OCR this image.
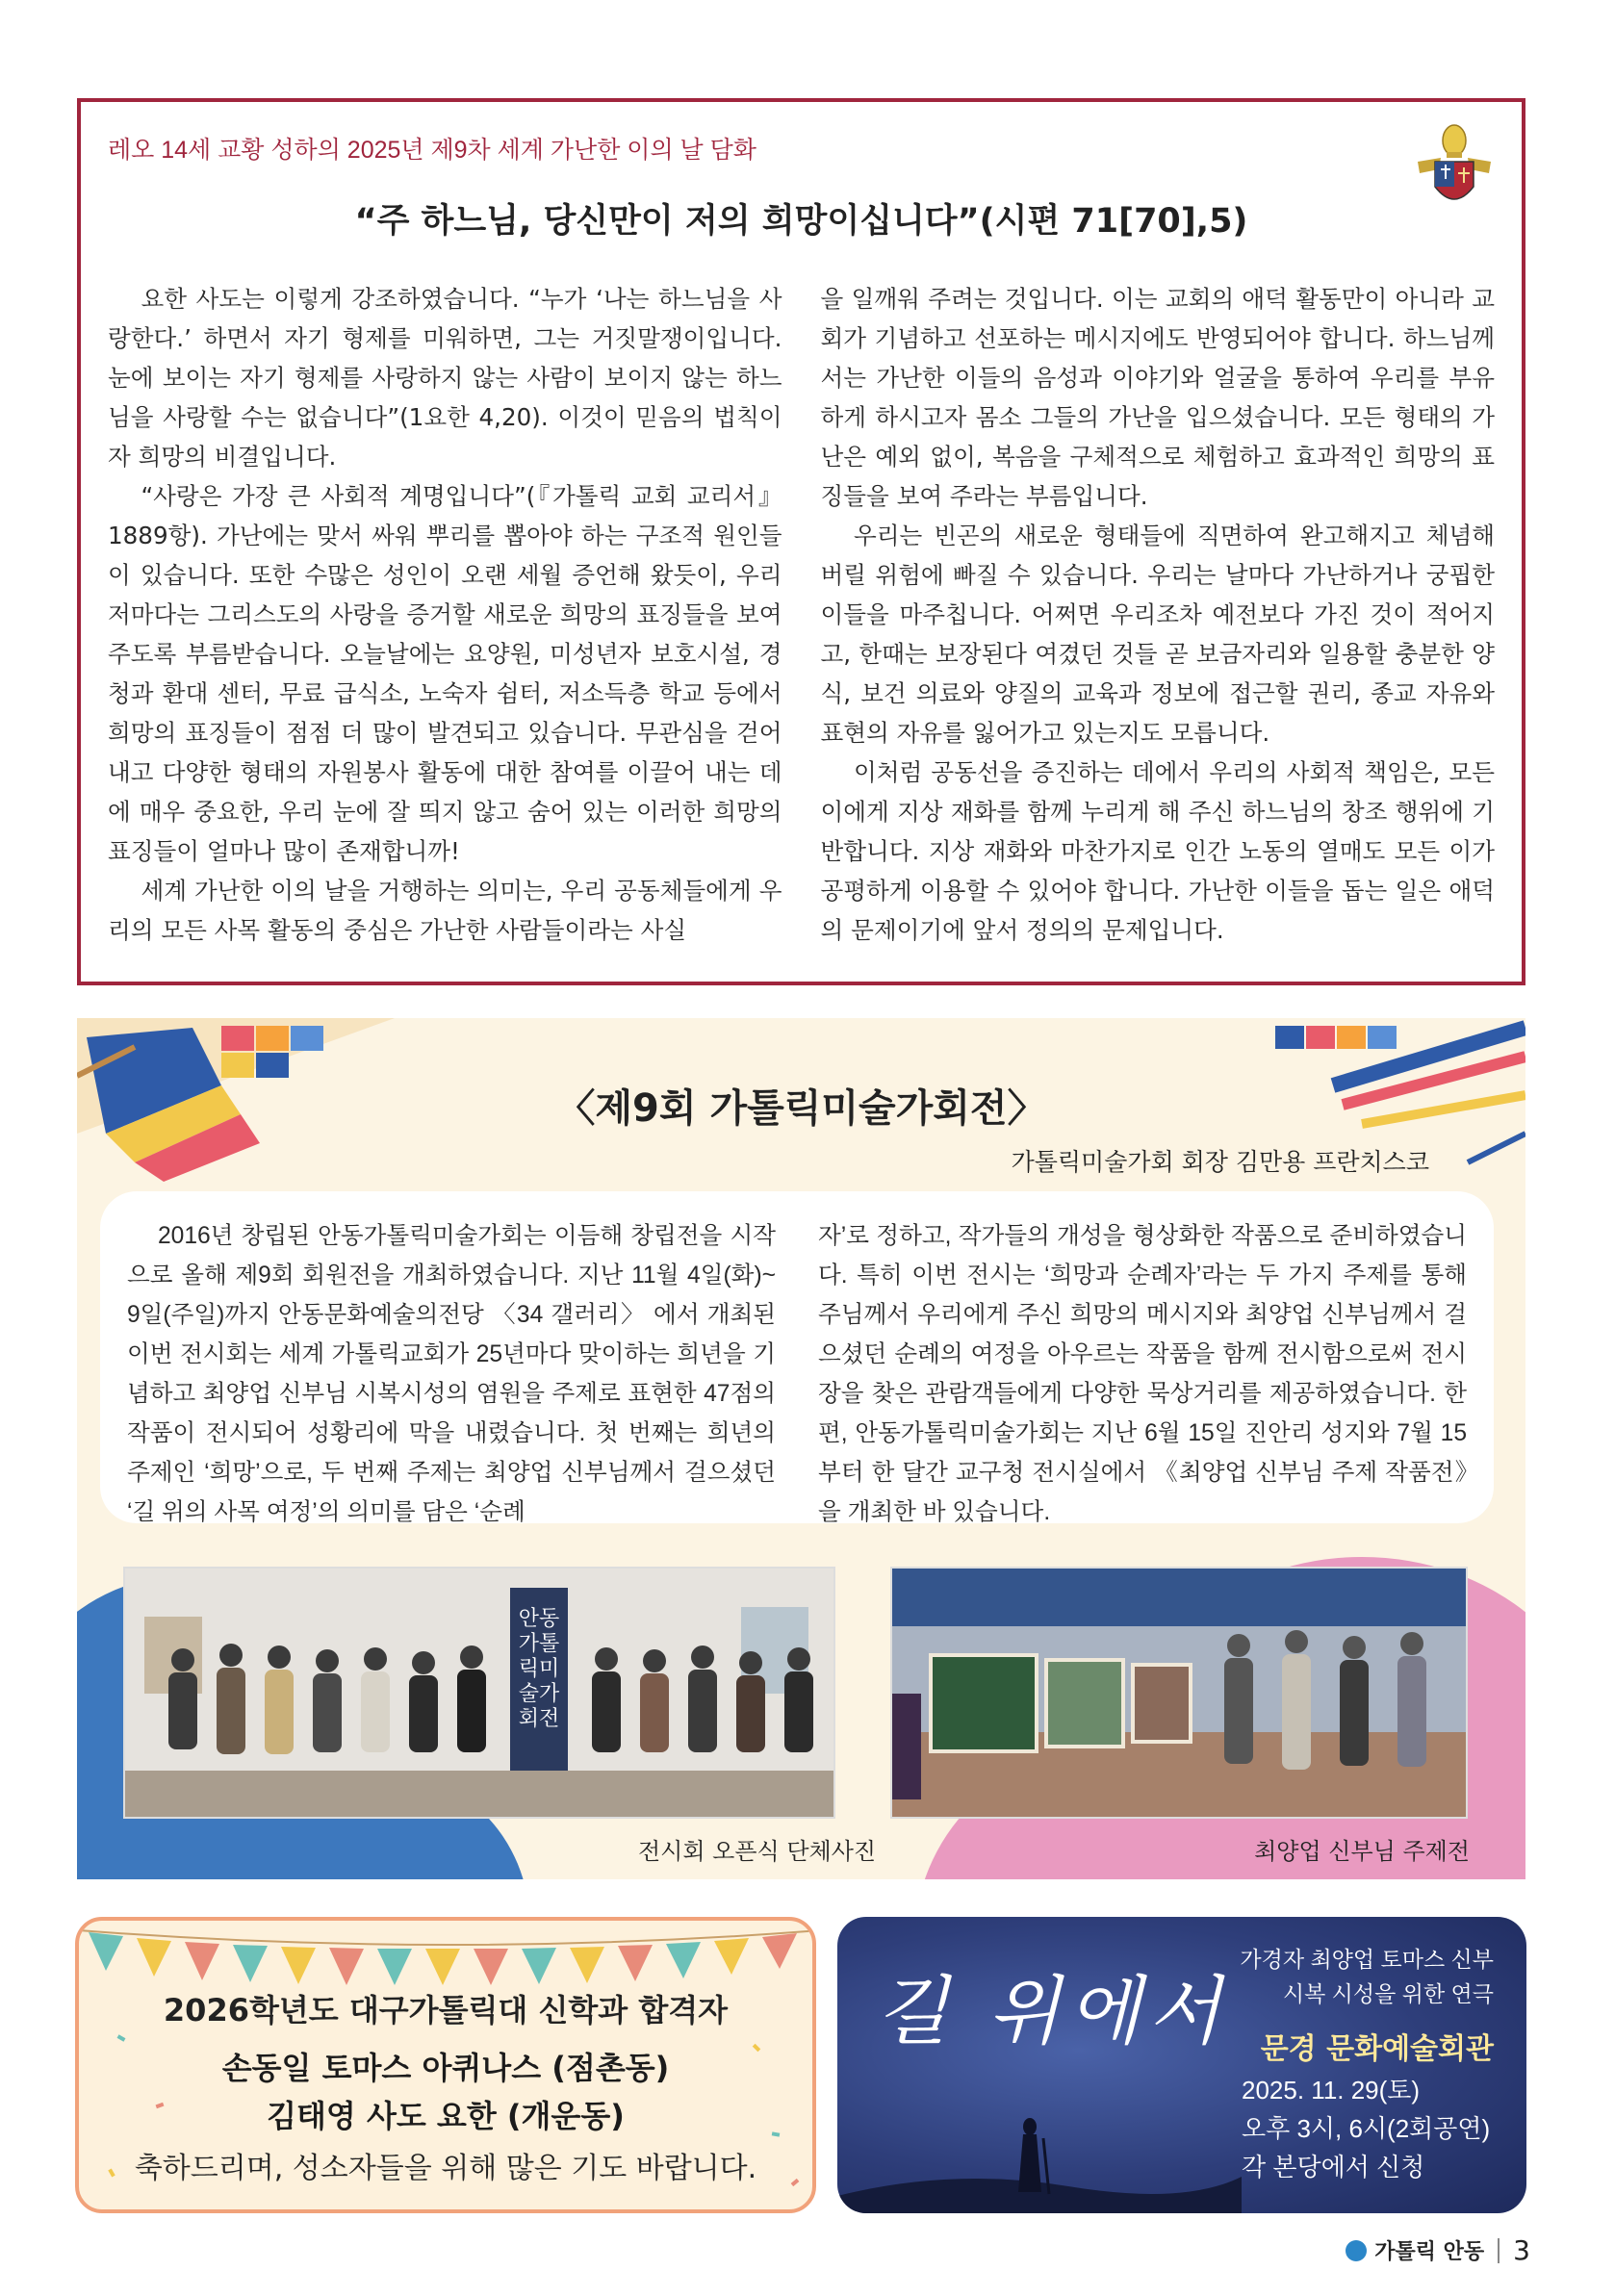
레오 14세 교황 성하의 2025년 제9차 세계 가난한 이의 날 담화
“주 하느님, 당신만이 저의 희망이십니다”(시편 71[70],5)

요한 사도는 이렇게 강조하였습니다. “누가 ‘나는 하느님을 사랑한다.’ 하면서 자기 형제를 미워하면, 그는 거짓말쟁이입니다. 눈에 보이는 자기 형제를 사랑하지 않는 사람이 보이지 않는 하느님을 사랑할 수는 없습니다”(1요한 4,20). 이것이 믿음의 법칙이자 희망의 비결입니다.

“사랑은 가장 큰 사회적 계명입니다”(『가톨릭 교회 교리서』 1889항). 가난에는 맞서 싸워 뿌리를 뽑아야 하는 구조적 원인들이 있습니다. 또한 수많은 성인이 오랜 세월 증언해 왔듯이, 우리 저마다는 그리스도의 사랑을 증거할 새로운 희망의 표징들을 보여 주도록 부름받습니다. 오늘날에는 요양원, 미성년자 보호시설, 경청과 환대 센터, 무료 급식소, 노숙자 쉼터, 저소득층 학교 등에서 희망의 표징들이 점점 더 많이 발견되고 있습니다. 무관심을 걷어내고 다양한 형태의 자원봉사 활동에 대한 참여를 이끌어 내는 데에 매우 중요한, 우리 눈에 잘 띄지 않고 숨어 있는 이러한 희망의 표징들이 얼마나 많이 존재합니까!

세계 가난한 이의 날을 거행하는 의미는, 우리 공동체들에게 우리의 모든 사목 활동의 중심은 가난한 사람들이라는 사실

을 일깨워 주려는 것입니다. 이는 교회의 애덕 활동만이 아니라 교회가 기념하고 선포하는 메시지에도 반영되어야 합니다. 하느님께서는 가난한 이들의 음성과 이야기와 얼굴을 통하여 우리를 부유하게 하시고자 몸소 그들의 가난을 입으셨습니다. 모든 형태의 가난은 예외 없이, 복음을 구체적으로 체험하고 효과적인 희망의 표징들을 보여 주라는 부름입니다.

우리는 빈곤의 새로운 형태들에 직면하여 완고해지고 체념해 버릴 위험에 빠질 수 있습니다. 우리는 날마다 가난하거나 궁핍한 이들을 마주칩니다. 어쩌면 우리조차 예전보다 가진 것이 적어지고, 한때는 보장된다 여겼던 것들 곧 보금자리와 일용할 충분한 양식, 보건 의료와 양질의 교육과 정보에 접근할 권리, 종교 자유와 표현의 자유를 잃어가고 있는지도 모릅니다.

이처럼 공동선을 증진하는 데에서 우리의 사회적 책임은, 모든 이에게 지상 재화를 함께 누리게 해 주신 하느님의 창조 행위에 기반합니다. 지상 재화와 마찬가지로 인간 노동의 열매도 모든 이가 공평하게 이용할 수 있어야 합니다. 가난한 이들을 돕는 일은 애덕의 문제이기에 앞서 정의의 문제입니다.

〈제9회 가톨릭미술가회전〉
가톨릭미술가회 회장 김만용 프란치스코

2016년 창립된 안동가톨릭미술가회는 이듬해 창립전을 시작으로 올해 제9회 회원전을 개최하였습니다. 지난 11월 4일(화)~ 9일(주일)까지 안동문화예술의전당 〈34 갤러리〉 에서 개최된 이번 전시회는 세계 가톨릭교회가 25년마다 맞이하는 희년을 기념하고 최양업 신부님 시복시성의 염원을 주제로 표현한 47점의 작품이 전시되어 성황리에 막을 내렸습니다. 첫 번째는 희년의 주제인 ‘희망’으로, 두 번째 주제는 최양업 신부님께서 걸으셨던 ‘길 위의 사목 여정’의 의미를 담은 ‘순례

자’로 정하고, 작가들의 개성을 형상화한 작품으로 준비하였습니다. 특히 이번 전시는 ‘희망과 순례자’라는 두 가지 주제를 통해 주님께서 우리에게 주신 희망의 메시지와 최양업 신부님께서 걸으셨던 순례의 여정을 아우르는 작품을 함께 전시함으로써 전시장을 찾은 관람객들에게 다양한 묵상거리를 제공하였습니다. 한편, 안동가톨릭미술가회는 지난 6월 15일 진안리 성지와 7월 15부터 한 달간 교구청 전시실에서 《최양업 신부님 주제 작품전》을 개최한 바 있습니다.

안동가톨릭미술가회전
전시회 오픈식 단체사진	최양업 신부님 주제전
2026학년도 대구가톨릭대 신학과 합격자
손동일 토마스 아퀴나스 (점촌동)
김태영 사도 요한 (개운동)
축하드리며, 성소자들을 위해 많은 기도 바랍니다.
길 위에서
가경자 최양업 토마스 신부
시복 시성을 위한 연극
문경 문화예술회관
2025. 11. 29(토)
오후 3시, 6시(2회공연)
각 본당에서 신청
가톨릭 안동 3
